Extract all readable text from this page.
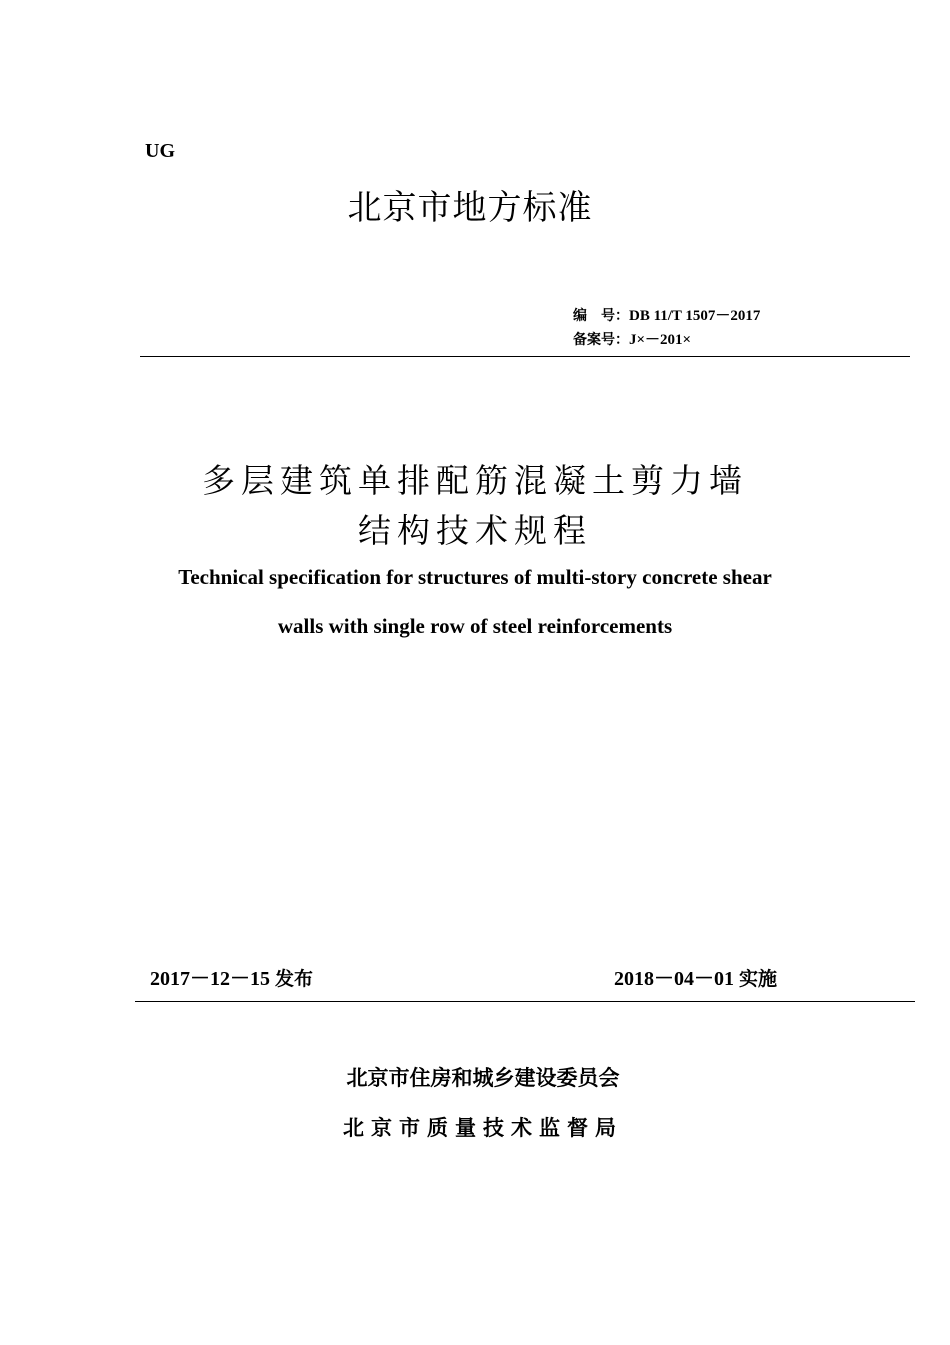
UG
北京市地方标准
编　号：DB 11/T 1507－2017
备案号：J×－201×
多层建筑单排配筋混凝土剪力墙
结构技术规程
Technical specification for structures of multi-story concrete shear
walls with single row of steel reinforcements
2017－12－15 发布	2018－04－01 实施
北京市住房和城乡建设委员会
北京市质量技术监督局
